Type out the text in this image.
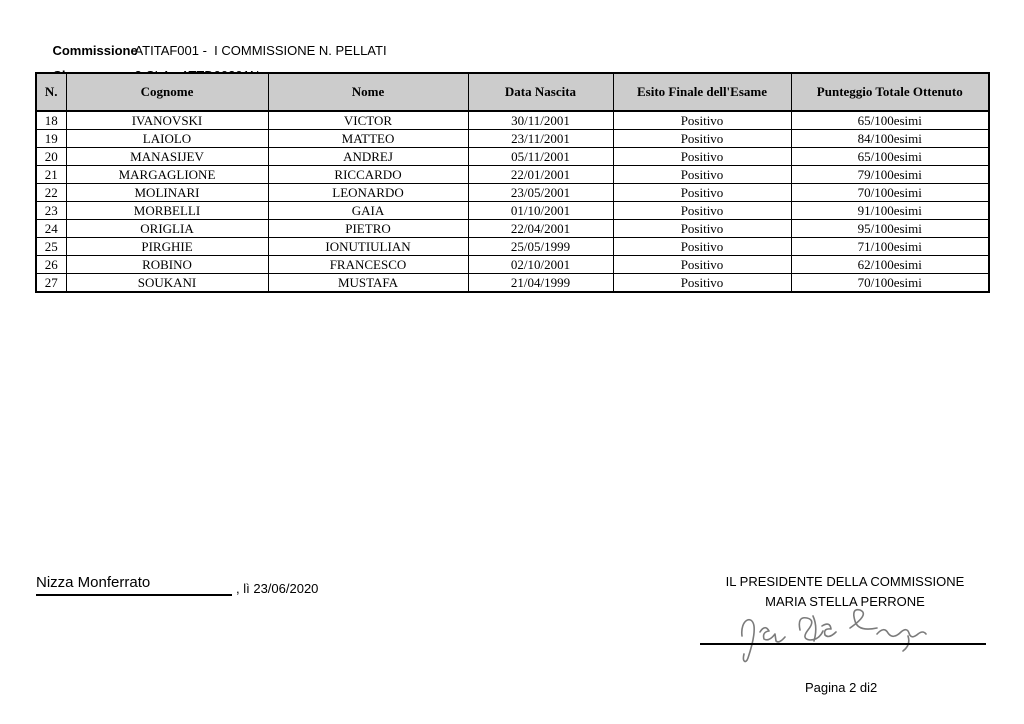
CommissioneATITAF001 -  I COMMISSIONE N. PELLATI

N.	Cognome	Nome	Data Nascita	Esito Finale dell'Esame	Punteggio Totale Ottenuto
18	IVANOVSKI	VICTOR	30/11/2001	Positivo	65/100esimi
19	LAIOLO	MATTEO	23/11/2001	Positivo	84/100esimi
20	MANASIJEV	ANDREJ	05/11/2001	Positivo	65/100esimi
21	MARGAGLIONE	RICCARDO	22/01/2001	Positivo	79/100esimi
22	MOLINARI	LEONARDO	23/05/2001	Positivo	70/100esimi
23	MORBELLI	GAIA	01/10/2001	Positivo	91/100esimi
24	ORIGLIA	PIETRO	22/04/2001	Positivo	95/100esimi
25	PIRGHIE	IONUTIULIAN	25/05/1999	Positivo	71/100esimi
26	ROBINO	FRANCESCO	02/10/2001	Positivo	62/100esimi
27	SOUKANI	MUSTAFA	21/04/1999	Positivo	70/100esimi
Nizza Monferrato	, lì 23/06/2020	IL PRESIDENTE DELLA COMMISSIONE
MARIA STELLA PERRONE
Pagina 2 di2
